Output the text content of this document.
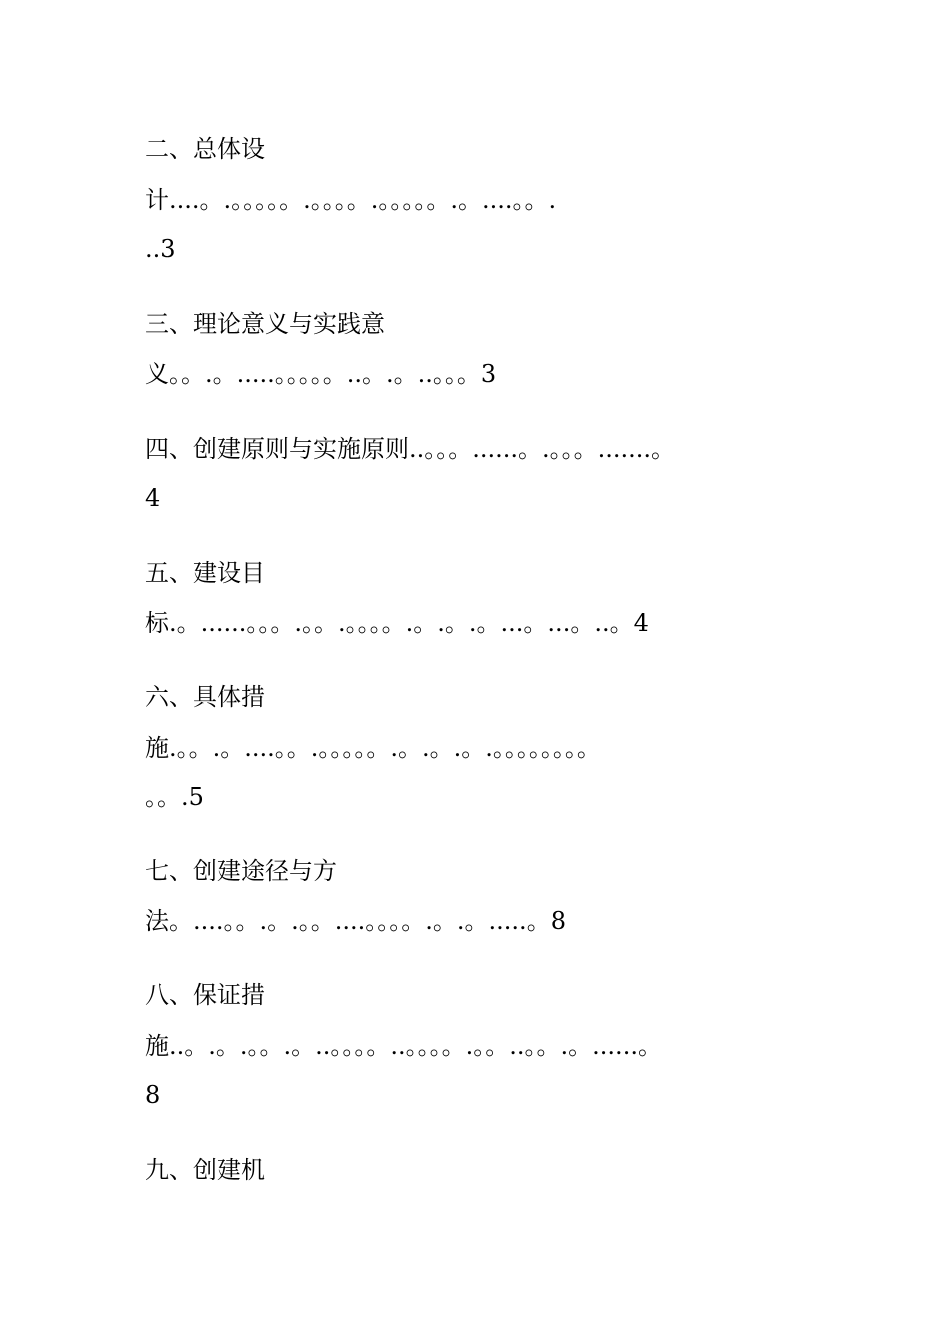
二、总体设
计....。.。。。。。.。。。。.。。。。。.。....。。.
..3
三、理论意义与实践意
义。。.。.....。。。。。..。.。..。。。3
四、创建原则与实施原则..。。。......。.。。。.......。
4
五、建设目
标.。......。。。.。。.。。。。.。.。.。...。...。..。4
六、具体措
施.。。.。....。。.。。。。。.。.。.。.。。。。。。。。
。。.5
七、创建途径与方
法。....。。.。.。。....。。。。.。.。.....。8
八、保证措
施..。.。.。。.。..。。。。..。。。。.。。..。。.。......。
8
九、创建机
